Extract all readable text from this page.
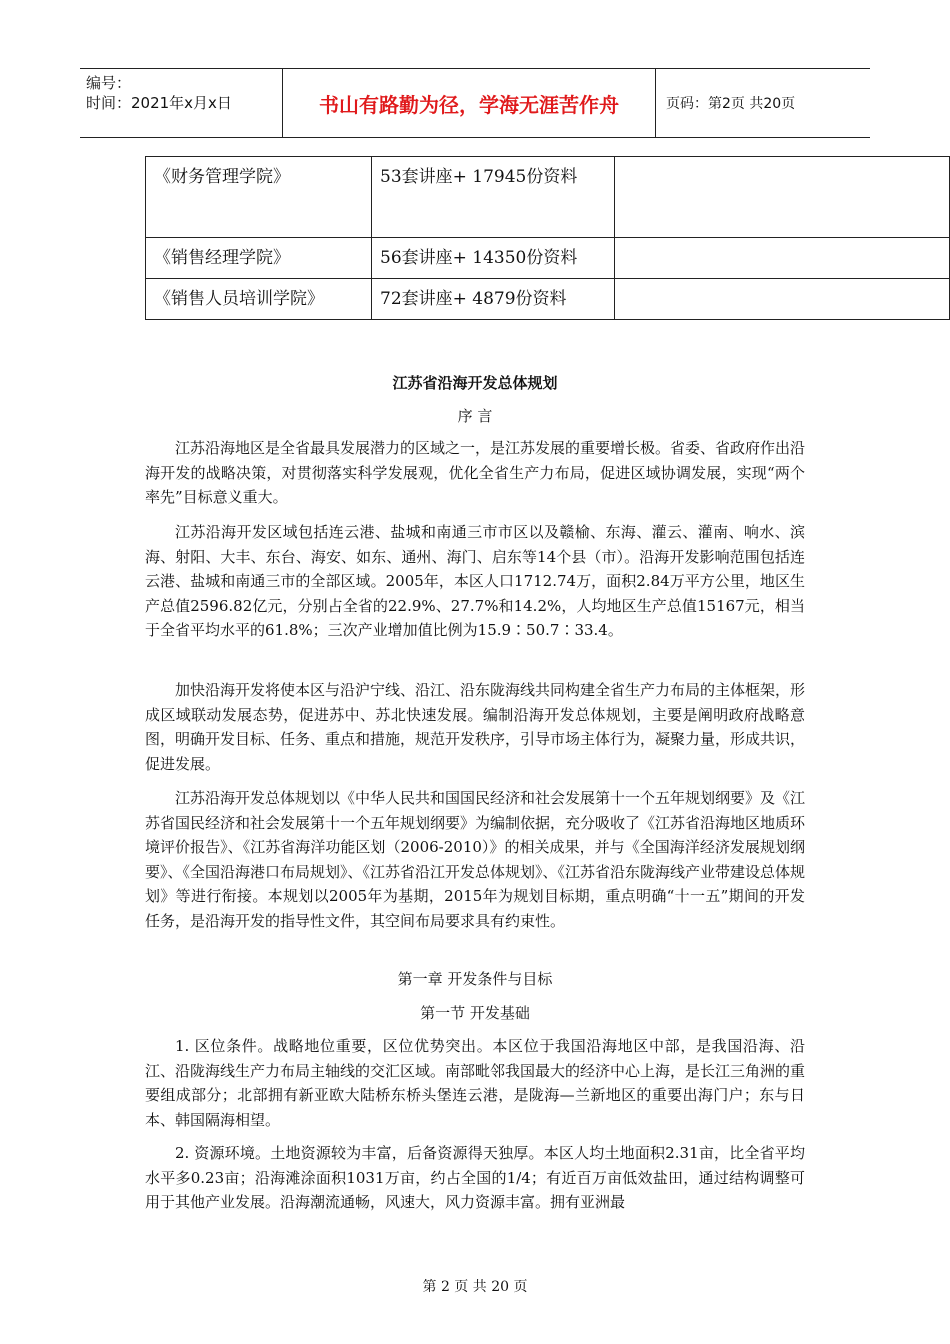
编号：
时间：2021年x月x日	书山有路勤为径，学海无涯苦作舟	页码：第2页 共20页
《财务管理学院》	53套讲座+ 17945份资料	
《销售经理学院》	56套讲座+ 14350份资料	
《销售人员培训学院》	72套讲座+ 4879份资料	
江苏省沿海开发总体规划
序 言

江苏沿海地区是全省最具发展潜力的区域之一，是江苏发展的重要增长极。省委、省政府作出沿海开发的战略决策，对贯彻落实科学发展观，优化全省生产力布局，促进区域协调发展，实现“两个率先”目标意义重大。

江苏沿海开发区域包括连云港、盐城和南通三市市区以及赣榆、东海、灌云、灌南、响水、滨海、射阳、大丰、东台、海安、如东、通州、海门、启东等14个县（市）。沿海开发影响范围包括连云港、盐城和南通三市的全部区域。2005年，本区人口1712.74万，面积2.84万平方公里，地区生产总值2596.82亿元，分别占全省的22.9%、27.7%和14.2%，人均地区生产总值15167元，相当于全省平均水平的61.8%；三次产业增加值比例为15.9∶50.7∶33.4。

加快沿海开发将使本区与沿沪宁线、沿江、沿东陇海线共同构建全省生产力布局的主体框架，形成区域联动发展态势，促进苏中、苏北快速发展。编制沿海开发总体规划，主要是阐明政府战略意图，明确开发目标、任务、重点和措施，规范开发秩序，引导市场主体行为，凝聚力量，形成共识，促进发展。

江苏沿海开发总体规划以《中华人民共和国国民经济和社会发展第十一个五年规划纲要》及《江苏省国民经济和社会发展第十一个五年规划纲要》为编制依据，充分吸收了《江苏省沿海地区地质环境评价报告》、《江苏省海洋功能区划（2006-2010）》的相关成果，并与《全国海洋经济发展规划纲要》、《全国沿海港口布局规划》、《江苏省沿江开发总体规划》、《江苏省沿东陇海线产业带建设总体规划》等进行衔接。本规划以2005年为基期，2015年为规划目标期，重点明确“十一五”期间的开发任务，是沿海开发的指导性文件，其空间布局要求具有约束性。

第一章 开发条件与目标
第一节 开发基础

1. 区位条件。战略地位重要，区位优势突出。本区位于我国沿海地区中部，是我国沿海、沿江、沿陇海线生产力布局主轴线的交汇区域。南部毗邻我国最大的经济中心上海，是长江三角洲的重要组成部分；北部拥有新亚欧大陆桥东桥头堡连云港，是陇海—兰新地区的重要出海门户；东与日本、韩国隔海相望。

2. 资源环境。土地资源较为丰富，后备资源得天独厚。本区人均土地面积2.31亩，比全省平均水平多0.23亩；沿海滩涂面积1031万亩，约占全国的1/4；有近百万亩低效盐田，通过结构调整可用于其他产业发展。沿海潮流通畅，风速大，风力资源丰富。拥有亚洲最

第 2 页 共 20 页
